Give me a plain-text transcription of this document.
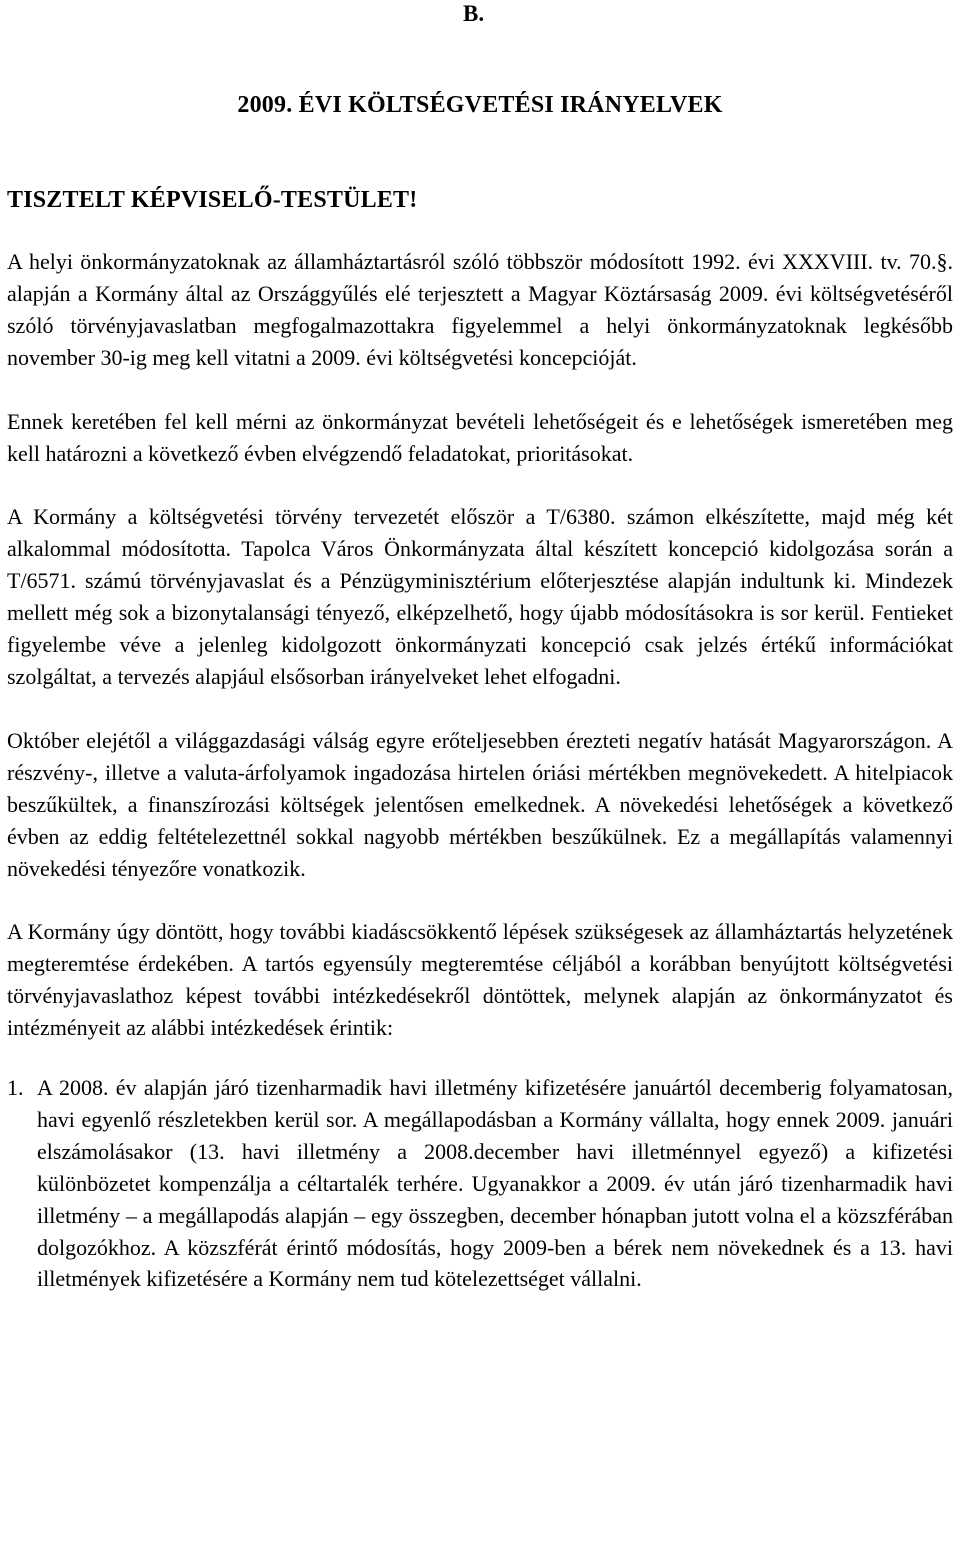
B.
2009. ÉVI KÖLTSÉGVETÉSI IRÁNYELVEK
TISZTELT KÉPVISELŐ-TESTÜLET!

A helyi önkormányzatoknak az államháztartásról szóló többször módosított 1992. évi XXXVIII. tv. 70.§. alapján a Kormány által az Országgyűlés elé terjesztett a Magyar Köztársaság 2009. évi költségvetéséről szóló törvényjavaslatban megfogalmazottakra figyelemmel a helyi önkormányzatoknak legkésőbb november 30-ig meg kell vitatni a 2009. évi költségvetési koncepcióját.

Ennek keretében fel kell mérni az önkormányzat bevételi lehetőségeit és e lehetőségek ismeretében meg kell határozni a következő évben elvégzendő feladatokat, prioritásokat.

A Kormány a költségvetési törvény tervezetét először a T/6380. számon elkészítette, majd még két alkalommal módosította. Tapolca Város Önkormányzata által készített koncepció kidolgozása során a T/6571. számú törvényjavaslat és a Pénzügyminisztérium előterjesztése alapján indultunk ki. Mindezek mellett még sok a bizonytalansági tényező, elképzelhető, hogy újabb módosításokra is sor kerül. Fentieket figyelembe véve a jelenleg kidolgozott önkormányzati koncepció csak jelzés értékű információkat szolgáltat, a tervezés alapjául elsősorban irányelveket lehet elfogadni.

Október elejétől a világgazdasági válság egyre erőteljesebben érezteti negatív hatását Magyarországon. A részvény-, illetve a valuta-árfolyamok ingadozása hirtelen óriási mértékben megnövekedett. A hitelpiacok beszűkültek, a finanszírozási költségek jelentősen emelkednek. A növekedési lehetőségek a következő évben az eddig feltételezettnél sokkal nagyobb mértékben beszűkülnek. Ez a megállapítás valamennyi növekedési tényezőre vonatkozik.

A Kormány úgy döntött, hogy további kiadáscsökkentő lépések szükségesek az államháztartás helyzetének megteremtése érdekében. A tartós egyensúly megteremtése céljából a korábban benyújtott költségvetési törvényjavaslathoz képest további intézkedésekről döntöttek, melynek alapján az önkormányzatot és intézményeit az alábbi intézkedések érintik:

1. A 2008. év alapján járó tizenharmadik havi illetmény kifizetésére januártól decemberig folyamatosan, havi egyenlő részletekben kerül sor. A megállapodásban a Kormány vállalta, hogy ennek 2009. januári elszámolásakor (13. havi illetmény a 2008.december havi illetménnyel egyező) a kifizetési különbözetet kompenzálja a céltartalék terhére. Ugyanakkor a 2009. év után járó tizenharmadik havi illetmény – a megállapodás alapján – egy összegben, december hónapban jutott volna el a közszférában dolgozókhoz. A közszférát érintő módosítás, hogy 2009-ben a bérek nem növekednek és a 13. havi illetmények kifizetésére a Kormány nem tud kötelezettséget vállalni.
